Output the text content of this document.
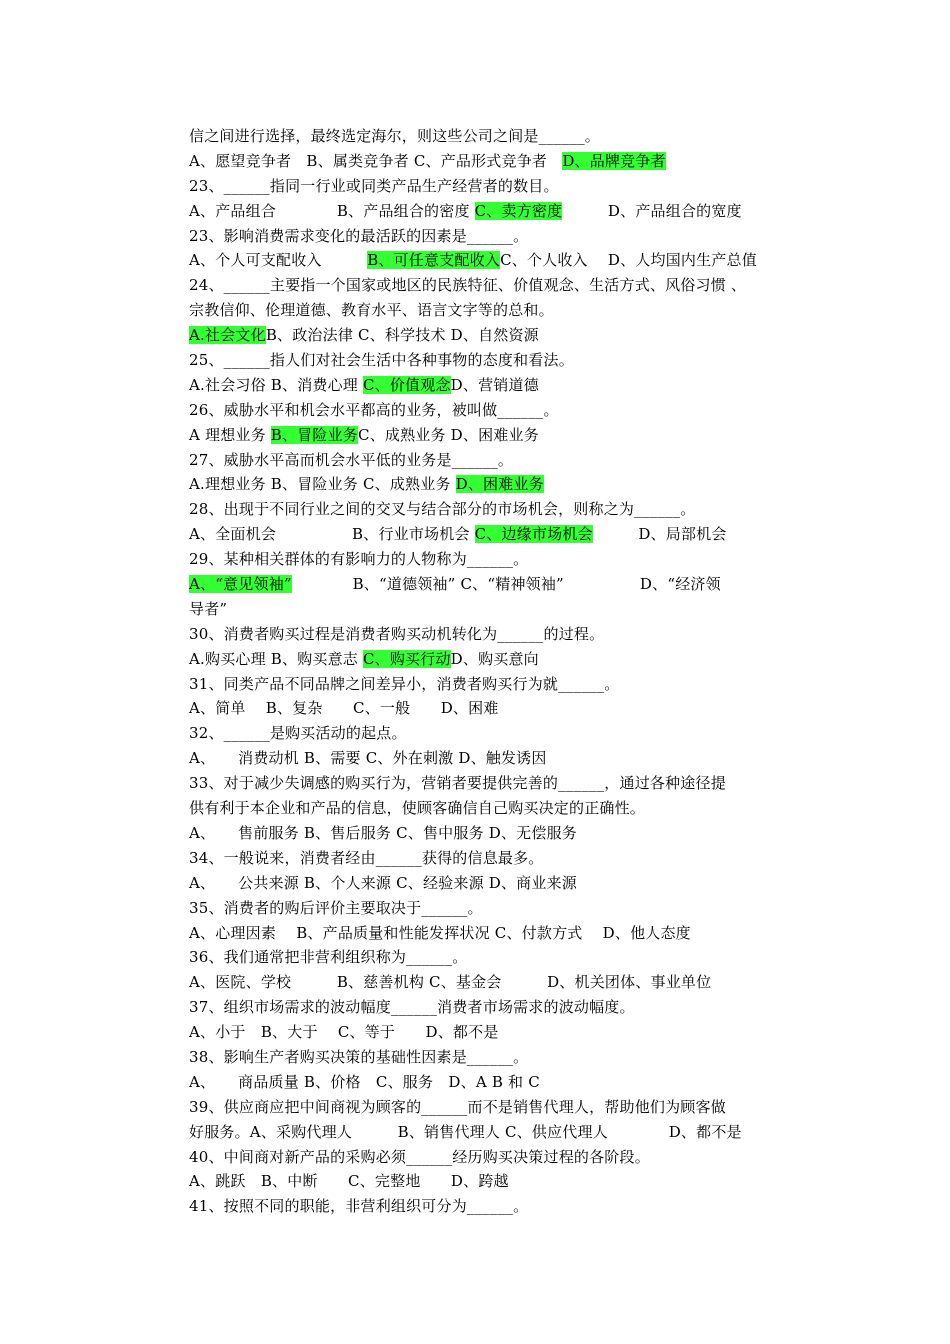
信之间进行选择，最终选定海尔，则这些公司之间是______。
A、愿望竞争者　B、属类竞争者 C、产品形式竞争者　D、品牌竞争者
23、______指同一行业或同类产品生产经营者的数目。
A、产品组合　　　　B、产品组合的密度 C、卖方密度　　　D、产品组合的宽度
23、影响消费需求变化的最活跃的因素是______。
A、个人可支配收入　　　B、可任意支配收入C、个人收入　 D、人均国内生产总值
24、______主要指一个国家或地区的民族特征、价值观念、生活方式、风俗习惯 、
宗教信仰、伦理道德、教育水平、语言文字等的总和。
A.社会文化B、政治法律 C、科学技术 D、自然资源
25、______指人们对社会生活中各种事物的态度和看法。
A.社会习俗 B、消费心理 C、价值观念D、营销道德
26、威胁水平和机会水平都高的业务，被叫做______。
A 理想业务 B、冒险业务C、成熟业务 D、困难业务
27、威胁水平高而机会水平低的业务是______。
A.理想业务 B、冒险业务 C、成熟业务 D、困难业务
28、出现于不同行业之间的交叉与结合部分的市场机会，则称之为______。
A、全面机会　　　　　B、行业市场机会 C、边缘市场机会　　　D、局部机会
29、某种相关群体的有影响力的人物称为______。
A、“意见领袖”　　　　B、“道德领袖” C、“精神领袖”　　　　　D、“经济领
导者”
30、消费者购买过程是消费者购买动机转化为______的过程。
A.购买心理 B、购买意志 C、购买行动D、购买意向
31、同类产品不同品牌之间差异小，消费者购买行为就______。
A、简单　 B、复杂　　C、一般　　D、困难
32、______是购买活动的起点。
A、　　消费动机 B、需要 C、外在刺激 D、触发诱因
33、对于减少失调感的购买行为，营销者要提供完善的______，通过各种途径提
供有利于本企业和产品的信息，使顾客确信自己购买决定的正确性。
A、　　售前服务 B、售后服务 C、售中服务 D、无偿服务
34、一般说来，消费者经由______获得的信息最多。
A、　　公共来源 B、个人来源 C、经验来源 D、商业来源
35、消费者的购后评价主要取决于______。
A、心理因素　 B、产品质量和性能发挥状况 C、付款方式　 D、他人态度
36、我们通常把非营利组织称为______。
A、医院、学校　　　B、慈善机构 C、基金会　　　D、机关团体、事业单位
37、组织市场需求的波动幅度______消费者市场需求的波动幅度。
A、小于　B、大于　 C、等于　　D、都不是
38、影响生产者购买决策的基础性因素是______。
A、　　商品质量 B、价格　C、服务　D、A B 和 C
39、供应商应把中间商视为顾客的______而不是销售代理人，帮助他们为顾客做
好服务。A、采购代理人　　　B、销售代理人 C、供应代理人　　　　D、都不是
40、中间商对新产品的采购必须______经历购买决策过程的各阶段。
A、跳跃　B、中断　　C、完整地　　D、跨越
41、按照不同的职能，非营利组织可分为______。
